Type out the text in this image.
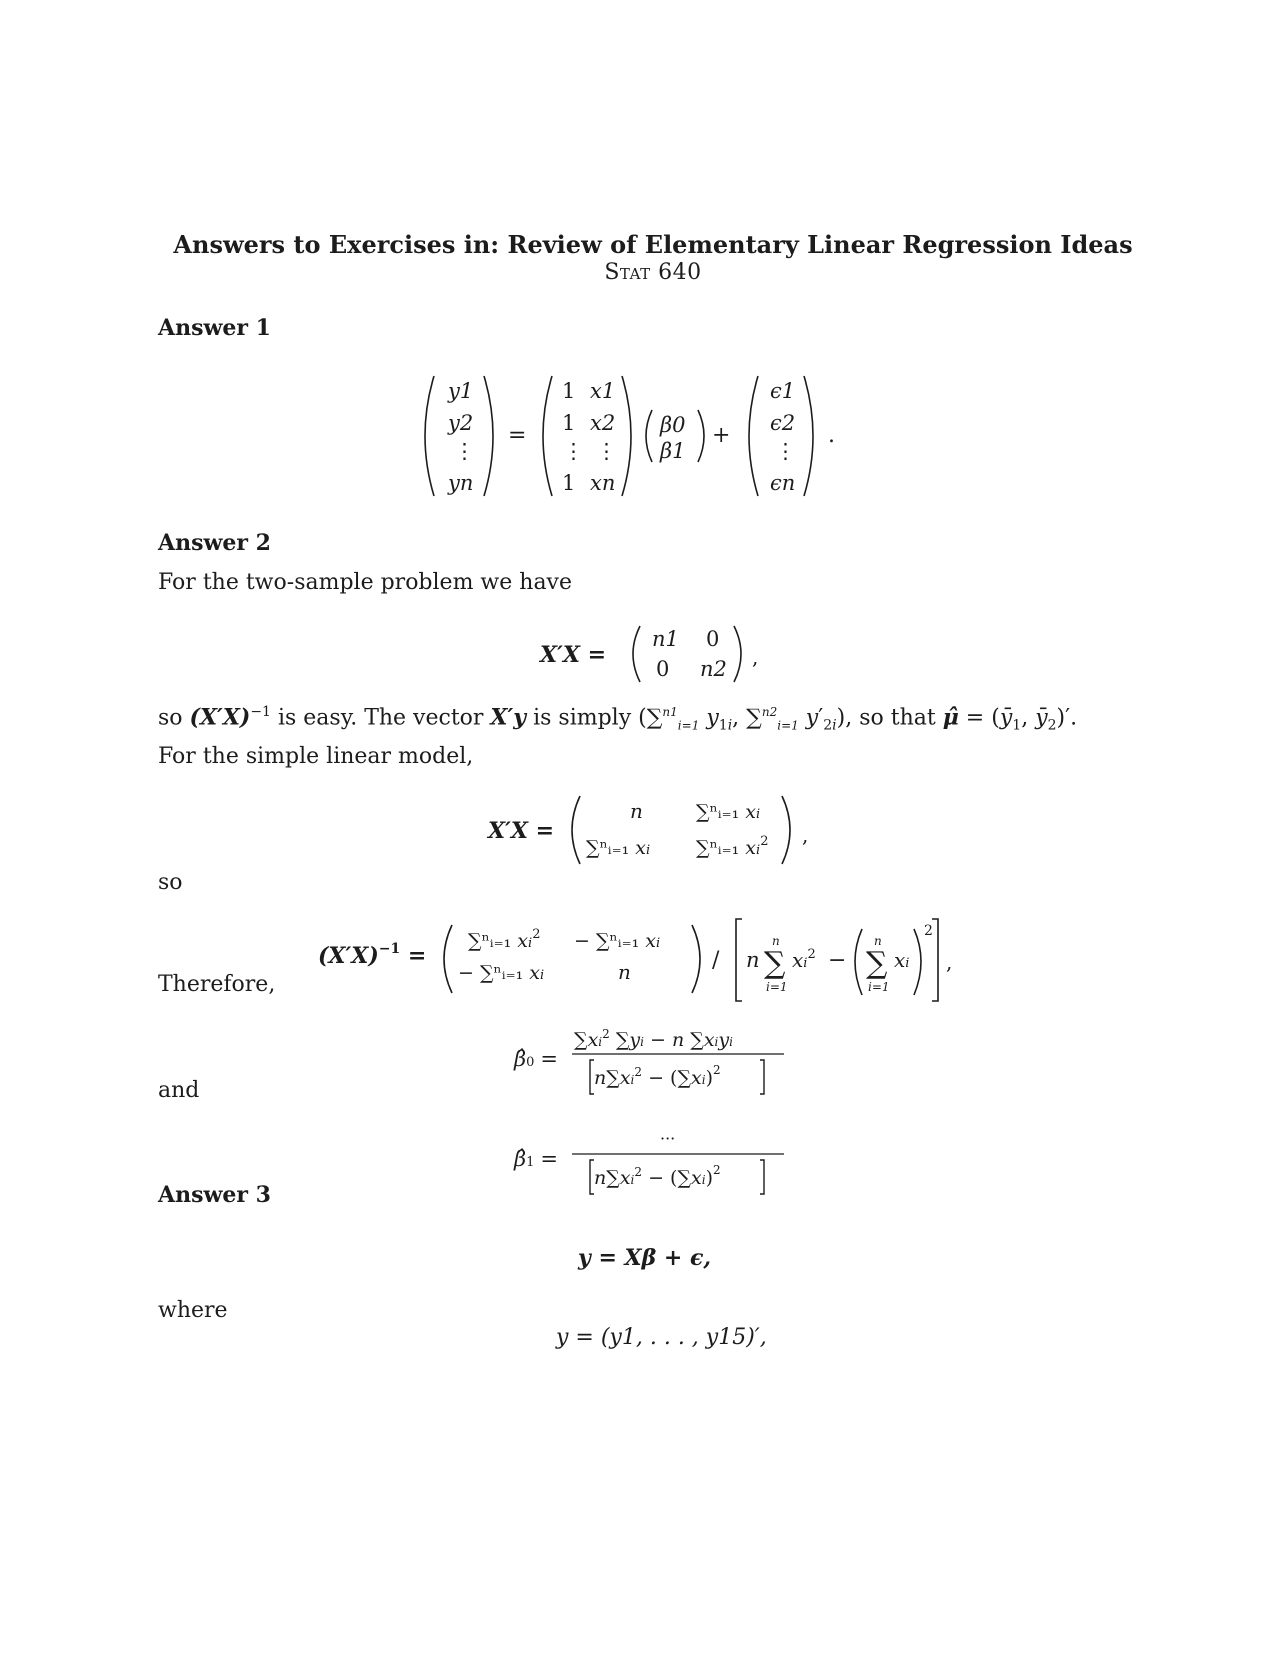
Answers to Exercises in: Review of Elementary Linear Regression Ideas
Stat 640
Answer 1
y1
y2
⋮
yn
=
1
1
⋮
1
x1
x2
⋮
xn
β0
β1
+
ϵ1
ϵ2
⋮
ϵn
.
Answer 2
For the two-sample problem we have
X′X =
n1 0
0 n2 ,
so $(X'X)^{-1}$ is easy. The vector X′y is simply (∑$^{n1}_{i=1}$ $y_{1i}$, ∑$^{n2}_{i=1}$ $y'_{2i}$), so that μ̂ = ($ȳ_1$, $ȳ_2)'$.
For the simple linear model,
X′X =
n
∑ⁿᵢ₌₁ xi
∑ⁿᵢ₌₁ xi
∑ⁿᵢ₌₁ $xi^2$ ,
so
$(X'X)^{-1}$ =
∑ⁿᵢ₌₁ $xi^2$
− ∑ⁿᵢ₌₁ xi
− ∑ⁿᵢ₌₁ xi
n	/ n ∑
n
i=1
$xi^2$ − ∑
n
i=1
xi
2
,
Therefore,
β̂0 =
$\sum xi^2$ ∑yi − n ∑xiyi
$n\sum xi^2 - (\sum xi)^2$
and
β̂1 =
···
$n\sum xi^2 - (\sum xi)^2$
Answer 3
y = Xβ + ϵ,
where
y = (y1, . . . , y15)′,
